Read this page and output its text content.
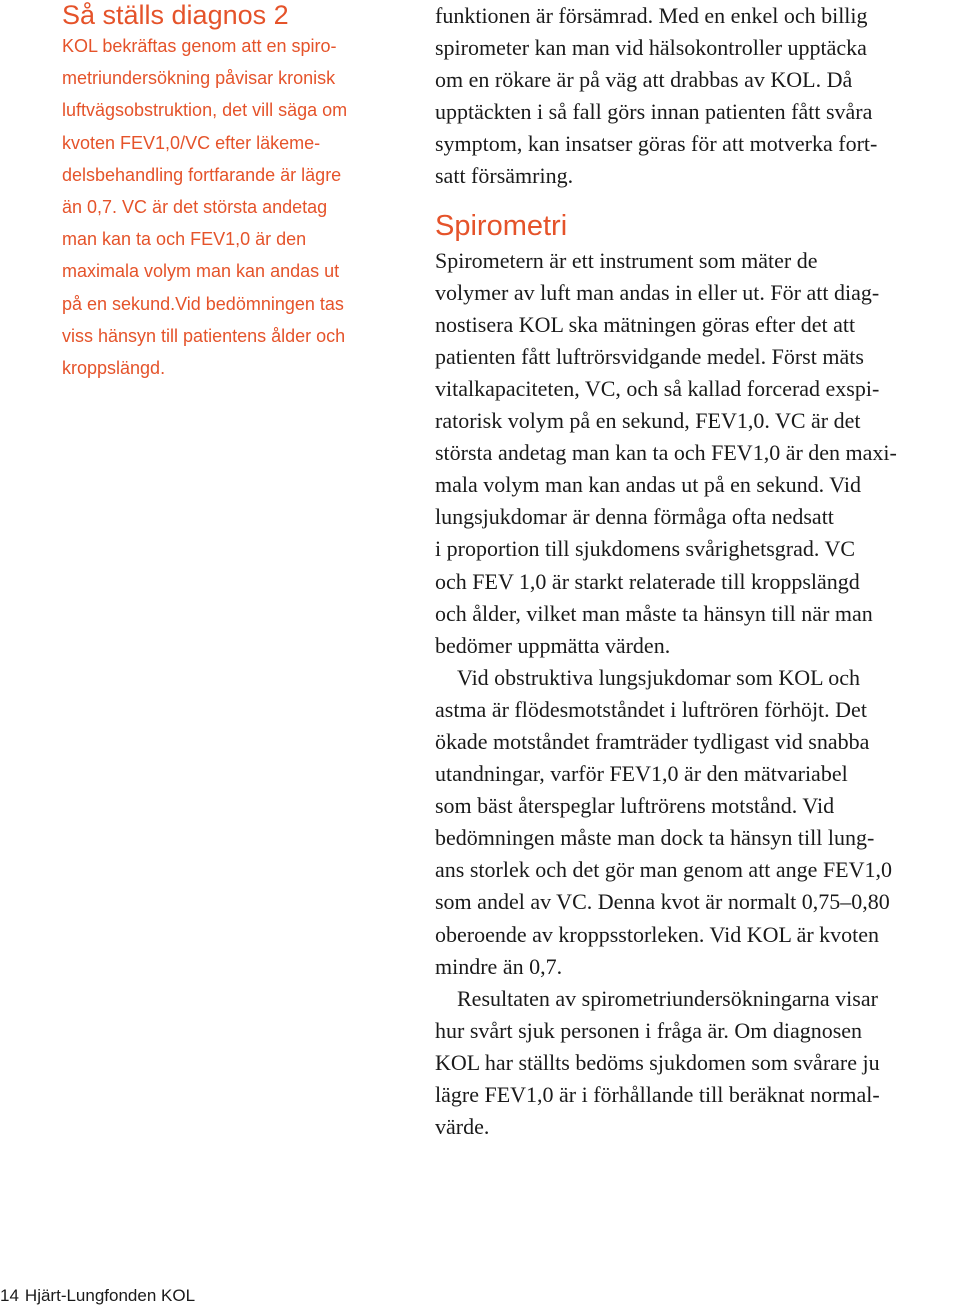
Så ställs diagnos 2
KOL bekräftas genom att en spiro-
metriundersökning påvisar kronisk
luftvägsobstruktion, det vill säga om
kvoten FEV1,0/VC efter läkeme-
delsbehandling fortfarande är lägre
än 0,7. VC är det största andetag
man kan ta och FEV1,0 är den
maximala volym man kan andas ut
på en sekund.Vid bedömningen tas
viss hänsyn till patientens ålder och
kroppslängd.
funktionen är försämrad. Med en enkel och billig
spirometer kan man vid hälsokontroller upptäcka
om en rökare är på väg att drabbas av KOL. Då
upptäckten i så fall görs innan patienten fått svåra
symptom, kan insatser göras för att motverka fort-
satt försämring.
Spirometri
Spirometern är ett instrument som mäter de
volymer av luft man andas in eller ut. För att diag-
nostisera KOL ska mätningen göras efter det att
patienten fått luftrörsvidgande medel. Först mäts
vitalkapaciteten, VC, och så kallad forcerad exspi-
ratorisk volym på en sekund, FEV1,0. VC är det
största andetag man kan ta och FEV1,0 är den maxi-
mala volym man kan andas ut på en sekund. Vid
lungsjukdomar är denna förmåga ofta nedsatt
i proportion till sjukdomens svårighetsgrad. VC
och FEV 1,0 är starkt relaterade till kroppslängd
och ålder, vilket man måste ta hänsyn till när man
bedömer uppmätta värden.
Vid obstruktiva lungsjukdomar som KOL och
astma är flödesmotståndet i luftrören förhöjt. Det
ökade motståndet framträder tydligast vid snabba
utandningar, varför FEV1,0 är den mätvariabel
som bäst återspeglar luftrörens motstånd. Vid
bedömningen måste man dock ta hänsyn till lung-
ans storlek och det gör man genom att ange FEV1,0
som andel av VC. Denna kvot är normalt 0,75–0,80
oberoende av kroppsstorleken. Vid KOL är kvoten
mindre än 0,7.
Resultaten av spirometriundersökningarna visar
hur svårt sjuk personen i fråga är. Om diagnosen
KOL har ställts bedöms sjukdomen som svårare ju
lägre FEV1,0 är i förhållande till beräknat normal-
värde.
14 Hjärt-Lungfonden KOL
